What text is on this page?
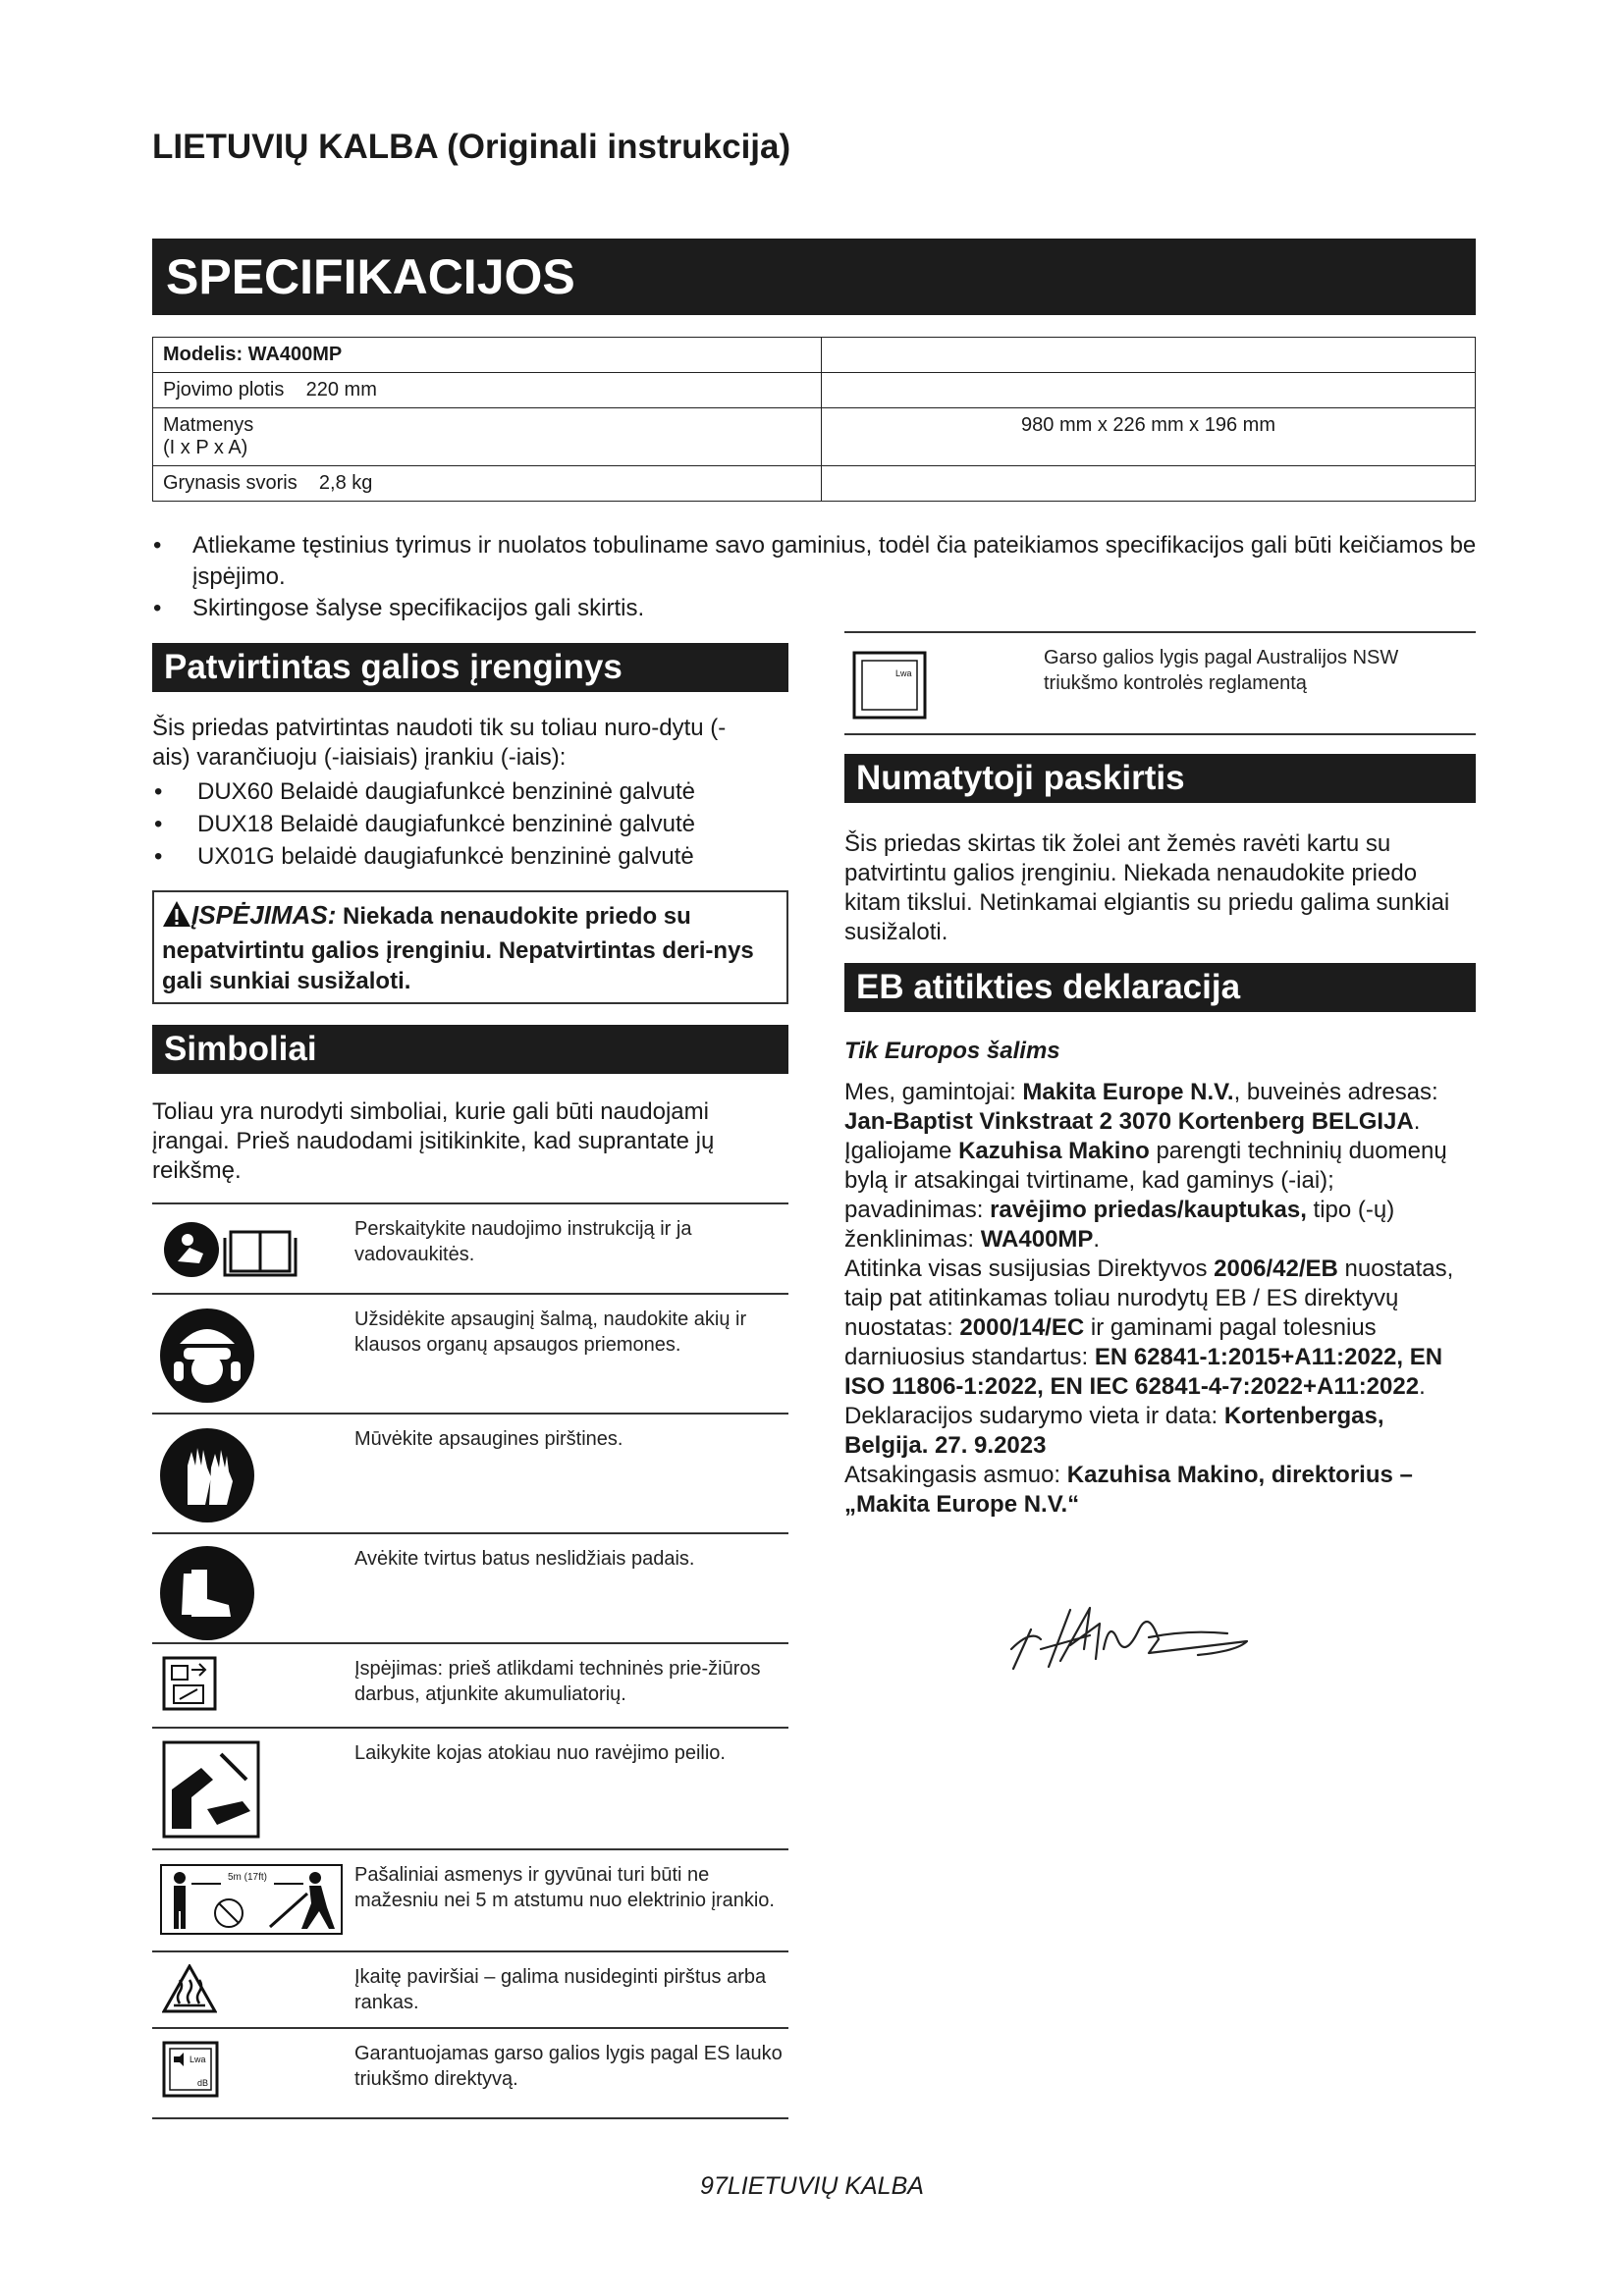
LIETUVIŲ KALBA (Originali instrukcija)
SPECIFIKACIJOS
Modelis: WA400MP	
Pjovimo plotis    220 mm	

Matmenys
(I x P x A)	980 mm x 226 mm x 196 mm
Grynasis svoris    2,8 kg	
• Atliekame tęstinius tyrimus ir nuolatos tobuliname savo gaminius, todėl čia pateikiamos specifikacijos gali būti keičiamos be įspėjimo.
• Skirtingose šalyse specifikacijos gali skirtis.
Patvirtintas galios įrenginys
Šis priedas patvirtintas naudoti tik su toliau nuro-dytu (-ais) varančiuoju (-iaisiais) įrankiu (-iais):
• DUX60 Belaidė daugiafunkcė benzininė galvutė
• DUX18 Belaidė daugiafunkcė benzininė galvutė
• UX01G belaidė daugiafunkcė benzininė galvutė
ĮSPĖJIMAS: Niekada nenaudokite priedo su nepatvirtintu galios įrenginiu. Nepatvirtintas deri-nys gali sunkiai susižaloti.
Simboliai
Toliau yra nurodyti simboliai, kurie gali būti naudojami įrangai. Prieš naudodami įsitikinkite, kad suprantate jų reikšmę.
Perskaitykite naudojimo instrukciją ir ja vadovaukitės.
Užsidėkite apsauginį šalmą, naudokite akių ir klausos organų apsaugos priemones.
Mūvėkite apsaugines pirštines.
Avėkite tvirtus batus neslidžiais padais.
Įspėjimas: prieš atlikdami techninės prie-žiūros darbus, atjunkite akumuliatorių.
Laikykite kojas atokiau nuo ravėjimo peilio.
5m (17ft)	Pašaliniai asmenys ir gyvūnai turi būti ne mažesniu nei 5 m atstumu nuo elektrinio įrankio.
Įkaitę paviršiai – galima nusideginti pirštus arba rankas.
Lwa
dB
Garantuojamas garso galios lygis pagal ES lauko triukšmo direktyvą.
Lwa
Garso galios lygis pagal Australijos NSW triukšmo kontrolės reglamentą
Numatytoji paskirtis
Šis priedas skirtas tik žolei ant žemės ravėti kartu su patvirtintu galios įrenginiu. Niekada nenaudokite priedo kitam tikslui. Netinkamai elgiantis su priedu galima sunkiai susižaloti.
EB atitikties deklaracija
Tik Europos šalims
Mes, gamintojai: Makita Europe N.V., buveinės adresas: Jan-Baptist Vinkstraat 2 3070 Kortenberg BELGIJA. Įgaliojame Kazuhisa Makino parengti techninių duomenų bylą ir atsakingai tvirtiname, kad gaminys (-iai);
pavadinimas: ravėjimo priedas/kauptukas, tipo (-ų)
ženklinimas: WA400MP.
Atitinka visas susijusias Direktyvos 2006/42/EB nuostatas, taip pat atitinkamas toliau nurodytų EB / ES direktyvų nuostatas: 2000/14/EC ir gaminami pagal tolesnius darniuosius standartus: EN 62841-1:2015+A11:2022, EN ISO 11806-1:2022, EN IEC 62841-4-7:2022+A11:2022.
Deklaracijos sudarymo vieta ir data: Kortenbergas, Belgija. 27. 9.2023
Atsakingasis asmuo: Kazuhisa Makino, direktorius – „Makita Europe N.V.“
97LIETUVIŲ KALBA
